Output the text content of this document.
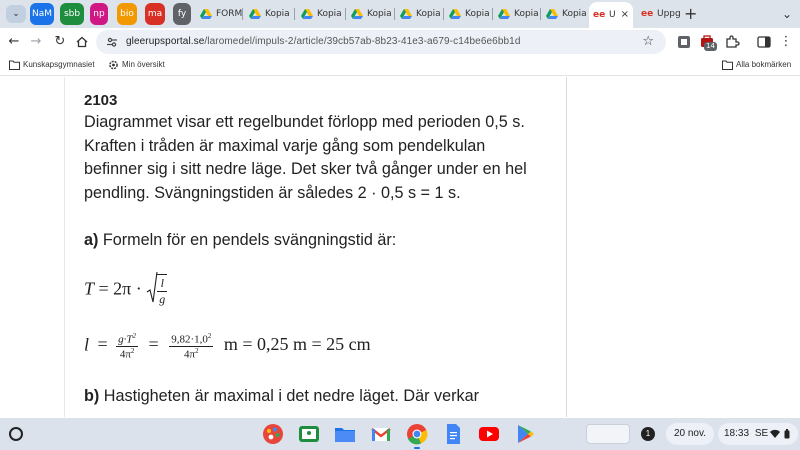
⌄	NaM	sbb	np	bio	ma	fy	FORM	Kopia	Kopia	Kopia	Kopia	Kopia	Kopia	Kopia ee U × ee Uppg +	⌄
← →	↻	gleerupsportal.se/laromedel/impuls-2/article/39cb57ab-8b23-41e3-a679-c14be6e6bb1d	☆	14	⋮
Kunskapsgymnasiet	Min översikt	Alla bokmärken
2103
Diagrammet visar ett regelbundet förlopp med perioden 0,5 s.
Kraften i tråden är maximal varje gång som pendelkulan
befinner sig i sitt nedre läge. Det sker två gånger under en hel
pendling. Svängningstiden är således 2 · 0,5 s = 1 s.
a) Formeln för en pendels svängningstid är:
$T = 2\pi \cdot \frac{l}{g}$
$l = \frac{g\cdot T^2}{4\pi^2} = \frac{9,82\cdot 1,0^2}{4\pi^2}$ m = 0,25 m = 25 cm
b) Hastigheten är maximal i det nedre läget. Där verkar
1	20 nov.	18:33 SE
